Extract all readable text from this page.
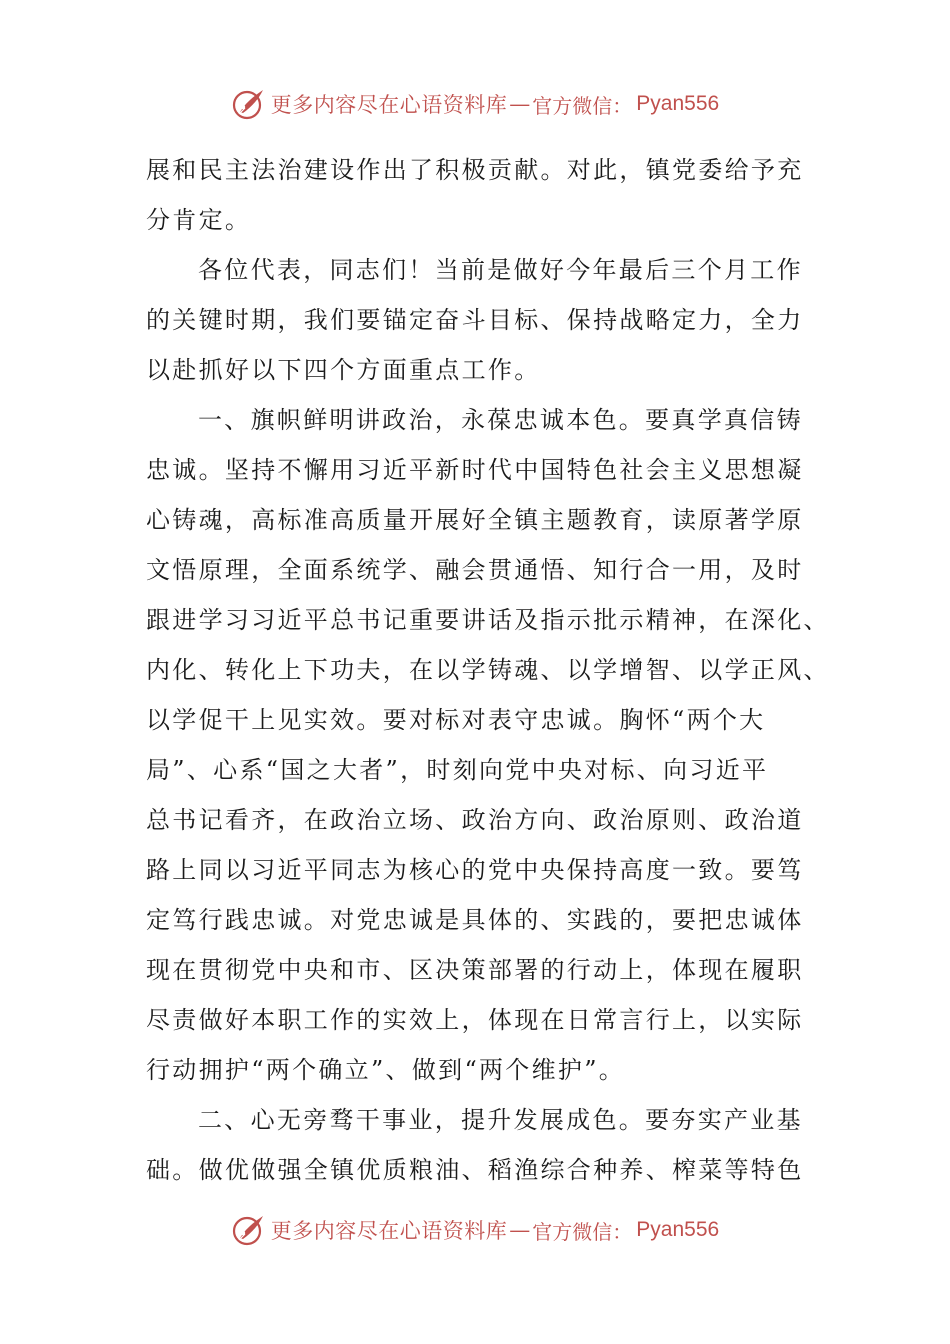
更多内容尽在心语资料库 — 官方微信： Pyan556
展和民主法治建设作出了积极贡献。对此，镇党委给予充
分肯定。
各位代表，同志们！当前是做好今年最后三个月工作
的关键时期，我们要锚定奋斗目标、保持战略定力，全力
以赴抓好以下四个方面重点工作。
一、旗帜鲜明讲政治，永葆忠诚本色。要真学真信铸
忠诚。坚持不懈用习近平新时代中国特色社会主义思想凝
心铸魂，高标准高质量开展好全镇主题教育，读原著学原
文悟原理，全面系统学、融会贯通悟、知行合一用，及时
跟进学习习近平总书记重要讲话及指示批示精神，在深化、
内化、转化上下功夫，在以学铸魂、以学增智、以学正风、
以学促干上见实效。要对标对表守忠诚。胸怀“两个大
局”、心系“国之大者”，时刻向党中央对标、向习近平
总书记看齐，在政治立场、政治方向、政治原则、政治道
路上同以习近平同志为核心的党中央保持高度一致。要笃
定笃行践忠诚。对党忠诚是具体的、实践的，要把忠诚体
现在贯彻党中央和市、区决策部署的行动上，体现在履职
尽责做好本职工作的实效上，体现在日常言行上，以实际
行动拥护“两个确立”、做到“两个维护”。
二、心无旁骛干事业，提升发展成色。要夯实产业基
础。做优做强全镇优质粮油、稻渔综合种养、榨菜等特色
更多内容尽在心语资料库 — 官方微信： Pyan556
